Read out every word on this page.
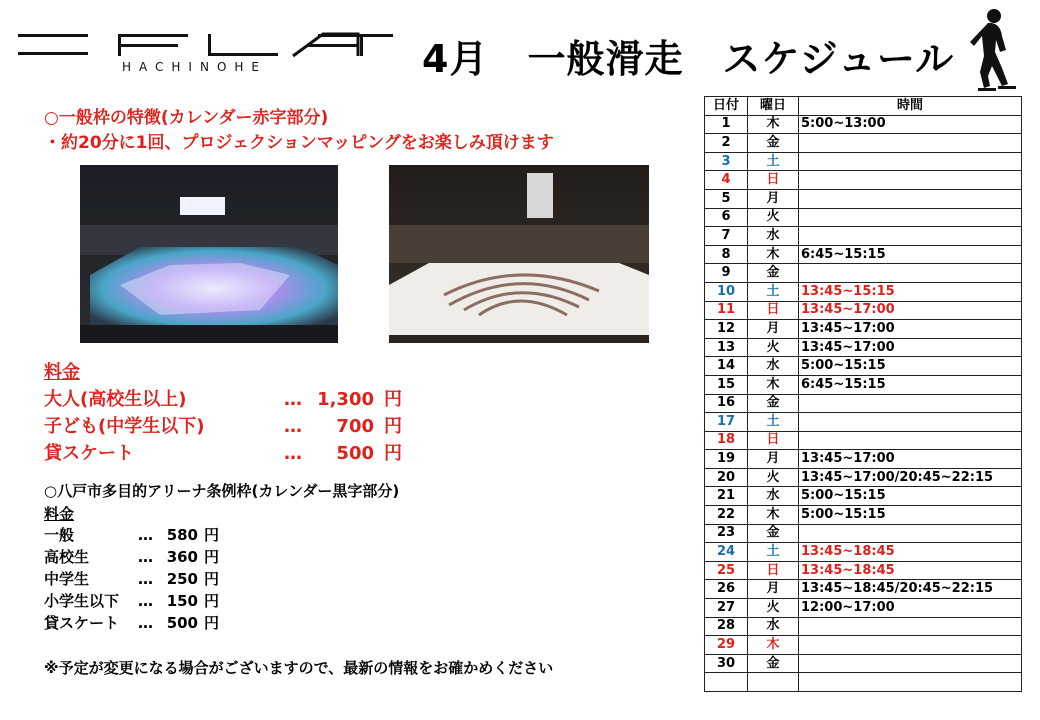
HACHINOHE	4月　一般滑走　スケジュール
○一般枠の特徴(カレンダー赤字部分)
・約20分に1回、プロジェクションマッピングをお楽しみ頂けます
料金
大人(高校生以上)	… 1,300 円
子ども(中学生以下)	…	700 円
貸スケート	…	500 円
○八戸市多目的アリーナ条例枠(カレンダー黒字部分)
料金
一般	… 580 円
高校生	… 360 円
中学生	… 250 円
小学生以下 … 150 円
貸スケート … 500 円
※予定が変更になる場合がございますので、最新の情報をお確かめください
日付	曜日	時間
1	木	5:00~13:00
2	金	
3	土	
4	日	
5	月	
6	火	
7	水	
8	木	6:45~15:15
9	金	
10	土	13:45~15:15
11	日	13:45~17:00
12	月	13:45~17:00
13	火	13:45~17:00
14	水	5:00~15:15
15	木	6:45~15:15
16	金	
17	土	
18	日	
19	月	13:45~17:00
20	火	13:45~17:00/20:45~22:15
21	水	5:00~15:15
22	木	5:00~15:15
23	金	
24	土	13:45~18:45
25	日	13:45~18:45
26	月	13:45~18:45/20:45~22:15
27	火	12:00~17:00
28	水	
29	木	
30	金	
